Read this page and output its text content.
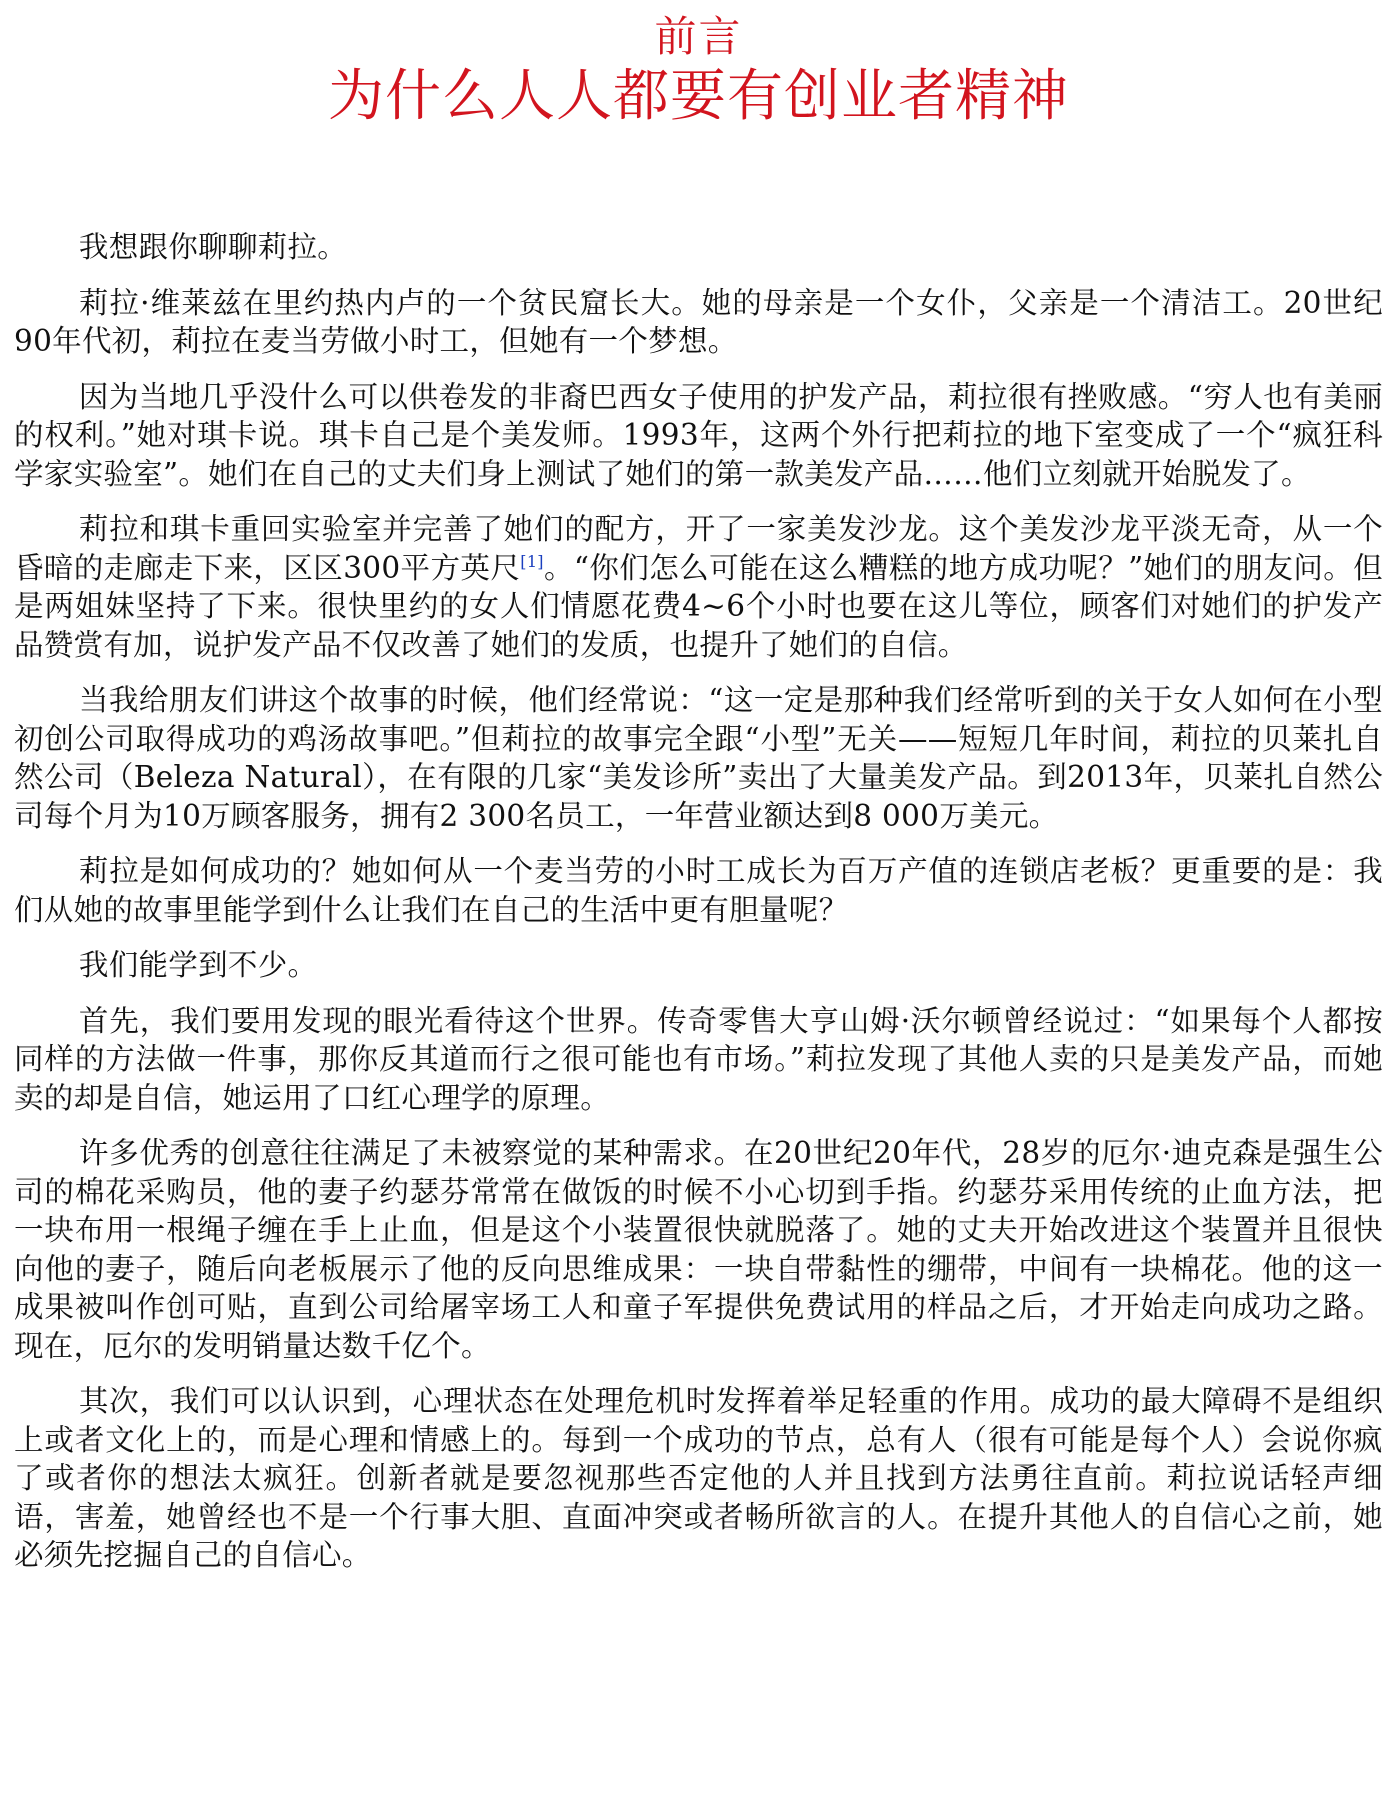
前言
为什么人人都要有创业者精神

我想跟你聊聊莉拉。

莉拉·维莱兹在里约热内卢的一个贫民窟长大。她的母亲是一个女仆，父亲是一个清洁工。20世纪90年代初，莉拉在麦当劳做小时工，但她有一个梦想。

因为当地几乎没什么可以供卷发的非裔巴西女子使用的护发产品，莉拉很有挫败感。“穷人也有美丽的权利。”她对琪卡说。琪卡自己是个美发师。1993年，这两个外行把莉拉的地下室变成了一个“疯狂科学家实验室”。她们在自己的丈夫们身上测试了她们的第一款美发产品……他们立刻就开始脱发了。

莉拉和琪卡重回实验室并完善了她们的配方，开了一家美发沙龙。这个美发沙龙平淡无奇，从一个昏暗的走廊走下来，区区300平方英尺[1]。“你们怎么可能在这么糟糕的地方成功呢？”她们的朋友问。但是两姐妹坚持了下来。很快里约的女人们情愿花费4~6个小时也要在这儿等位，顾客们对她们的护发产品赞赏有加，说护发产品不仅改善了她们的发质，也提升了她们的自信。

当我给朋友们讲这个故事的时候，他们经常说：“这一定是那种我们经常听到的关于女人如何在小型初创公司取得成功的鸡汤故事吧。”但莉拉的故事完全跟“小型”无关——短短几年时间，莉拉的贝莱扎自然公司（Beleza Natural），在有限的几家“美发诊所”卖出了大量美发产品。到2013年，贝莱扎自然公司每个月为10万顾客服务，拥有2 300名员工，一年营业额达到8 000万美元。

莉拉是如何成功的？她如何从一个麦当劳的小时工成长为百万产值的连锁店老板？更重要的是：我们从她的故事里能学到什么让我们在自己的生活中更有胆量呢？

我们能学到不少。

首先，我们要用发现的眼光看待这个世界。传奇零售大亨山姆·沃尔顿曾经说过：“如果每个人都按同样的方法做一件事，那你反其道而行之很可能也有市场。”莉拉发现了其他人卖的只是美发产品，而她卖的却是自信，她运用了口红心理学的原理。

许多优秀的创意往往满足了未被察觉的某种需求。在20世纪20年代，28岁的厄尔·迪克森是强生公司的棉花采购员，他的妻子约瑟芬常常在做饭的时候不小心切到手指。约瑟芬采用传统的止血方法，把一块布用一根绳子缠在手上止血，但是这个小装置很快就脱落了。她的丈夫开始改进这个装置并且很快向他的妻子，随后向老板展示了他的反向思维成果：一块自带黏性的绷带，中间有一块棉花。他的这一成果被叫作创可贴，直到公司给屠宰场工人和童子军提供免费试用的样品之后，才开始走向成功之路。现在，厄尔的发明销量达数千亿个。

其次，我们可以认识到，心理状态在处理危机时发挥着举足轻重的作用。成功的最大障碍不是组织上或者文化上的，而是心理和情感上的。每到一个成功的节点，总有人（很有可能是每个人）会说你疯了或者你的想法太疯狂。创新者就是要忽视那些否定他的人并且找到方法勇往直前。莉拉说话轻声细语，害羞，她曾经也不是一个行事大胆、直面冲突或者畅所欲言的人。在提升其他人的自信心之前，她必须先挖掘自己的自信心。
